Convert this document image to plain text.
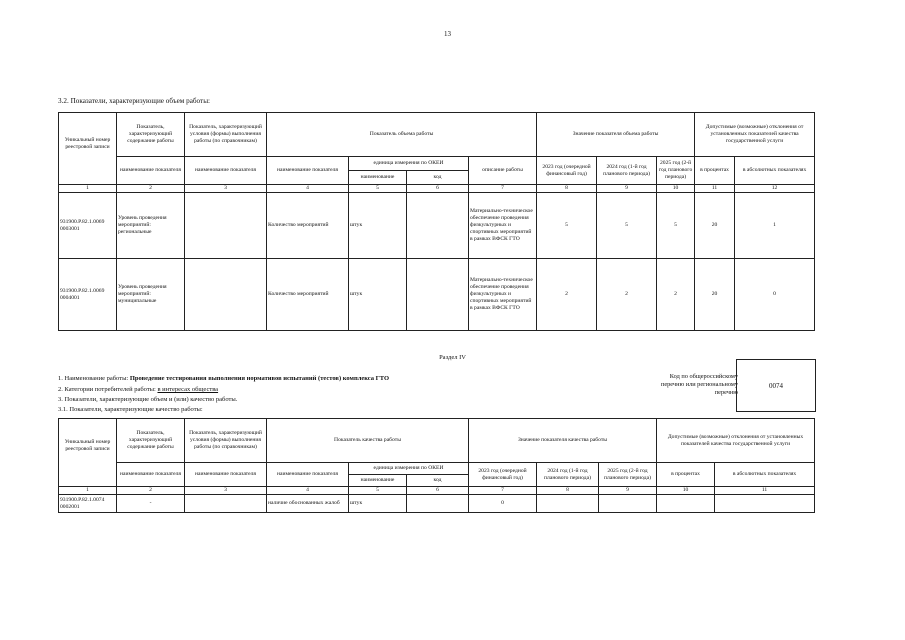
13
3.2. Показатели, характеризующие объем работы:
Уникальный номер реестровой записи	Показатель, характеризующий содержание работы	Показатель, характеризующий условия (формы) выполнения работы (по справочникам)	Показатель объема работы				Значение показателя объема работы			Допустимые (возможные) отклонения от установленных показателей качества государственной услуги	
	наименование показателя	наименование показателя	наименование показателя	единица измерения по ОКЕИ		описание работы	2023 год (очередной финансовый год)	2024 год (1-й год планового периода)	2025 год (2-й год планового периода)	в процентах	в абсолютных показателях
				наименование	код						
1	2	3	4	5	6	7	8	9	10	11	12
931900.Р.82.1.0069 0003001	Уровень проведения мероприятий: региональные		Количество мероприятий	штук		Материально-техническое обеспечение проведения физкультурных и спортивных мероприятий в рамках ВФСК ГТО	5	5	5	20	1
931900.Р.82.1.0069 0004001	Уровень проведения мероприятий: муниципальные		Количество мероприятий	штук		Материально-техническое обеспечение проведения физкультурных и спортивных мероприятий в рамках ВФСК ГТО	2	2	2	20	0
Раздел IV
1. Наименование работы: Проведение тестирования выполнения нормативов испытаний (тестов) комплекса ГТО
2. Категории потребителей работы: в интересах общества
3. Показатели, характеризующие объем и (или) качество работы.
3.1. Показатели, характеризующие качество работы:
Код по общероссийскому перечню или региональному перечню
0074
Уникальный номер реестровой записи	Показатель, характеризующий содержание работы	Показатель, характеризующий условия (формы) выполнения работы (по справочникам)	Показатель качества работы			Значение показателя качества работы			Допустимые (возможные) отклонения от установленных показателей качества государственной услуги	
	наименование показателя	наименование показателя	наименование показателя	единица измерения по ОКЕИ		2023 год (очередной финансовый год)	2024 год (1-й год планового периода)	2025 год (2-й год планового периода)	в процентах	в абсолютных показателях
				наименование	код					
1	2	3	4	5	6	7	8	9	10	11
931900.Р.82.1.0074 0002001	-		наличие обоснованных жалоб	штук		0				
